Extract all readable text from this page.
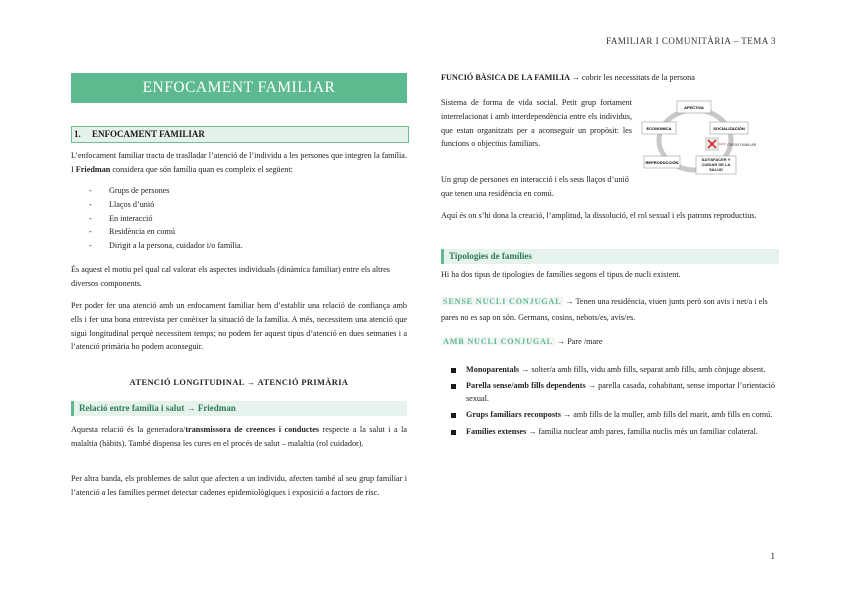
FAMILIAR I COMUNITÀRIA – TEMA 3
ENFOCAMENT FAMILIAR
1. ENFOCAMENT FAMILIAR
L’enfocament familiar tracta de traslladar l’atenció de l’individu a les persones que integren la família. I Friedman considera que són família quan es compleix el següent:
- Grups de persones
- Llaços d’unió
- En interacció
- Residència en comú
- Dirigit a la persona, cuidador i/o família.
És aquest el motiu pel qual cal valorar els aspectes individuals (dinàmica familiar) entre els altres diversos components.
Per poder fer una atenció amb un enfocament familiar hem d’establir una relació de confiança amb ells i fer una bona entrevista per conèixer la situació de la família. A més, necessitem una atenció que sigui longitudinal perquè necessitem temps; no podem fer aquest tipus d’atenció en dues setmanes i a l’atenció primària ho podem aconseguir.
ATENCIÓ LONGITUDINAL → ATENCIÓ PRIMÀRIA
Relació entre família i salut → Friedman
Aquesta relació és la generadora/transmissora de creences i conductes respecte a la salut i a la malaltia (hàbits). També dispensa les cures en el procés de salut – malaltia (rol cuidador).
Per altra banda, els problemes de salut que afecten a un individu, afecten també al seu grup familiar i l’atenció a les famílies permet detectar cadenes epidemiològiques i exposició a factors de risc.
FUNCIÓ BÀSICA DE LA FAMILIA → cobrir les necessitats de la persona
Sistema de forma de vida social. Petit grup fortament interrelacionat i amb interdependència entre els individus, que estan organitzats per a aconseguir un propòsit: les funcions o objectius familiars.
Un grup de persones en interacció i els seus llaços d’unió que tenen una residència en comú.
AFECTIVA
ECONOMICA	SOCIALIZACIÓN
REPRODUCCIÓN
SATISFACER Y CUIDAR DE LA SALUD
CRISIS FAMILIAR
Aquí és on s’hi dona la creació, l’amplitud, la dissolució, el rol sexual i els patrons reproductius.
Tipologies de famílies
Hi ha dos tipus de tipologies de famílies segons el tipus de nucli existent.
SENSE NUCLI CONJUGAL → Tenen una residència, viuen junts però son avis i net/a i els pares no es sap on són. Germans, cosins, nebots/es, avis/es.
AMB NUCLI CONJUGAL → Pare /mare
Monoparentals → solter/a amb fills, vidu amb fills, separat amb fills, amb cònjuge absent.
Parella sense/amb fills dependents → parella casada, cohabitant, sense importar l’orientació sexual.
Grups familiars reconposts → amb fills de la muller, amb fills del marit, amb fills en comú.
Famílies extenses → família nuclear amb pares, família nuclis més un familiar colateral.
1
